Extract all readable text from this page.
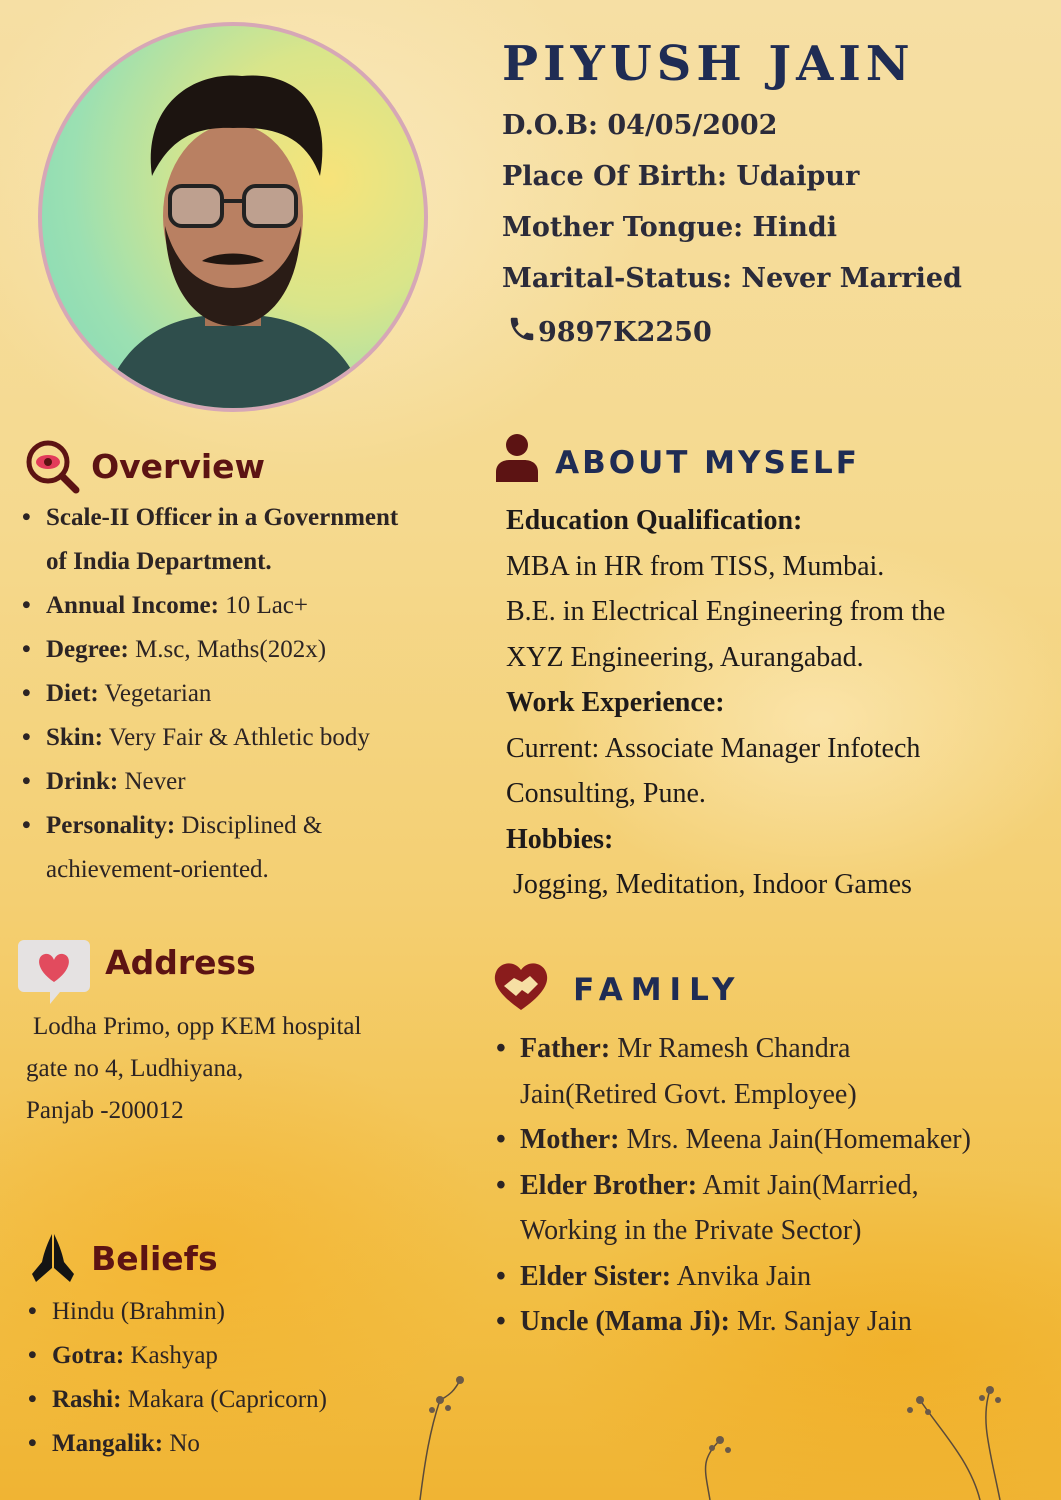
PIYUSH JAIN

D.O.B: 04/05/2002

Place Of Birth: Udaipur

Mother Tongue: Hindi

Marital-Status: Never Married

9897K2250
Overview
• Scale-II Officer in a Government
of India Department.
• Annual Income: 10 Lac+
• Degree: M.sc, Maths(202x)
• Diet: Vegetarian
• Skin: Very Fair & Athletic body
• Drink: Never
• Personality: Disciplined &
achievement-oriented.
Address
Lodha Primo, opp KEM hospital
gate no 4, Ludhiyana,
Panjab -200012
Beliefs
• Hindu (Brahmin)
• Gotra: Kashyap
• Rashi: Makara (Capricorn)
• Mangalik: No
ABOUT MYSELF

Education Qualification:

MBA in HR from TISS, Mumbai.

B.E. in Electrical Engineering from the

XYZ Engineering, Aurangabad.

Work Experience:

Current: Associate Manager Infotech

Consulting, Pune.

Hobbies:

Jogging, Meditation, Indoor Games

FAMILY
• Father: Mr Ramesh Chandra
Jain(Retired Govt. Employee)
• Mother: Mrs. Meena Jain(Homemaker)
• Elder Brother: Amit Jain(Married,
Working in the Private Sector)
• Elder Sister: Anvika Jain
• Uncle (Mama Ji): Mr. Sanjay Jain
